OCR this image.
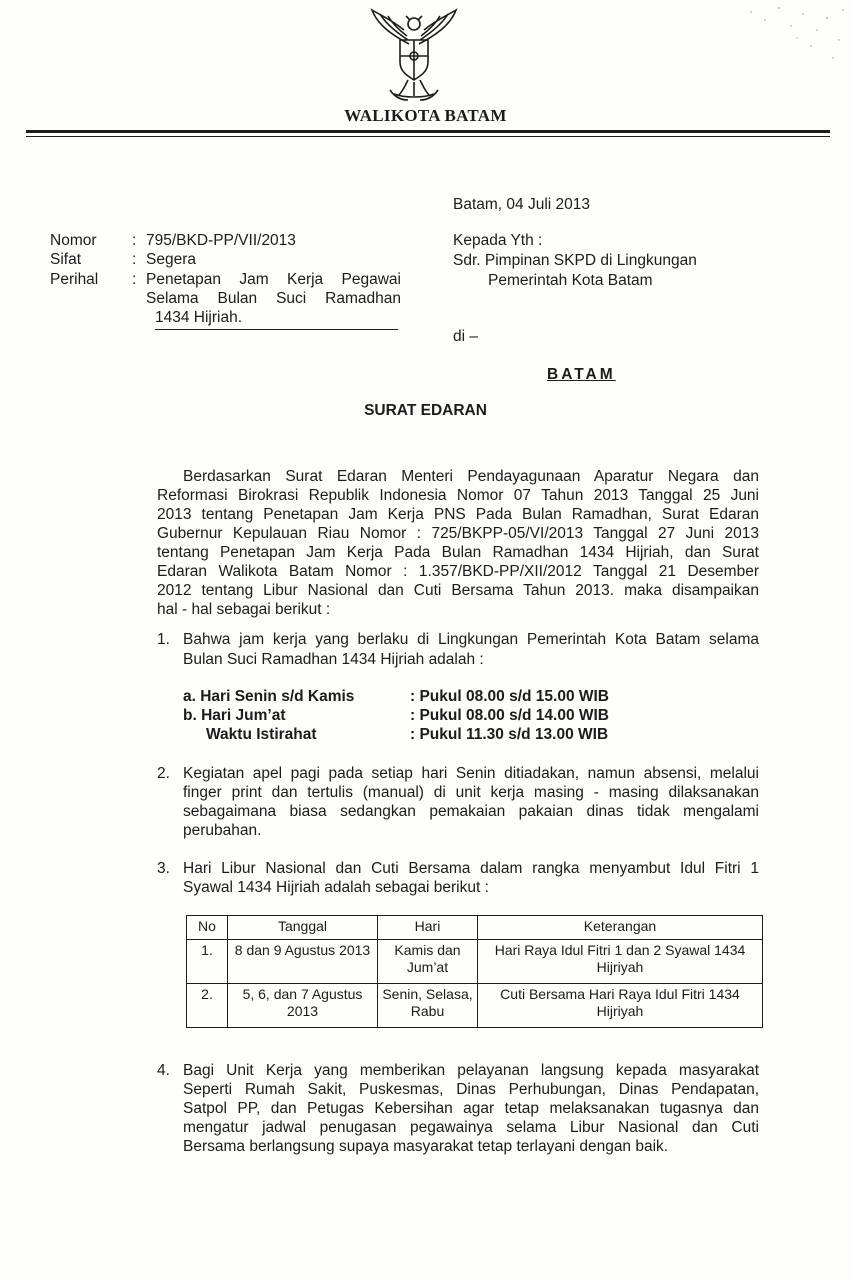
WALIKOTA BATAM
Batam, 04 Juli 2013
Nomor : 795/BKD-PP/VII/2013
Sifat	: Segera
Perihal : Penetapan Jam Kerja Pegawai
Selama Bulan Suci Ramadhan
1434 Hijriah.
Kepada Yth :
Sdr. Pimpinan SKPD di Lingkungan
Pemerintah Kota Batam
di –
BATAM
SURAT EDARAN
Berdasarkan Surat Edaran Menteri Pendayagunaan Aparatur Negara dan
Reformasi Birokrasi Republik Indonesia Nomor 07 Tahun 2013 Tanggal 25 Juni
2013 tentang Penetapan Jam Kerja PNS Pada Bulan Ramadhan, Surat Edaran
Gubernur Kepulauan Riau Nomor : 725/BKPP-05/VI/2013 Tanggal 27 Juni 2013
tentang Penetapan Jam Kerja Pada Bulan Ramadhan 1434 Hijriah, dan Surat
Edaran Walikota Batam Nomor : 1.357/BKD-PP/XII/2012 Tanggal 21 Desember
2012 tentang Libur Nasional dan Cuti Bersama Tahun 2013. maka disampaikan
hal - hal sebagai berikut :
1. Bahwa jam kerja yang berlaku di Lingkungan Pemerintah Kota Batam selama
Bulan Suci Ramadhan 1434 Hijriah adalah :
a. Hari Senin s/d Kamis	: Pukul 08.00 s/d 15.00 WIB
b. Hari Jum’at	: Pukul 08.00 s/d 14.00 WIB
Waktu Istirahat	: Pukul 11.30 s/d 13.00 WIB
2. Kegiatan apel pagi pada setiap hari Senin ditiadakan, namun absensi, melalui
finger print dan tertulis (manual) di unit kerja masing - masing dilaksanakan
sebagaimana biasa sedangkan pemakaian pakaian dinas tidak mengalami
perubahan.
3. Hari Libur Nasional dan Cuti Bersama dalam rangka menyambut Idul Fitri 1
Syawal 1434 Hijriah adalah sebagai berikut :
No	Tanggal	Hari	Keterangan
1.	8 dan 9 Agustus 2013	Kamis dan Jum’at	Hari Raya Idul Fitri 1 dan 2 Syawal 1434 Hijriyah
2.	5, 6, dan 7 Agustus 2013	Senin, Selasa, Rabu	Cuti Bersama Hari Raya Idul Fitri 1434 Hijriyah
4. Bagi Unit Kerja yang memberikan pelayanan langsung kepada masyarakat
Seperti Rumah Sakit, Puskesmas, Dinas Perhubungan, Dinas Pendapatan,
Satpol PP, dan Petugas Kebersihan agar tetap melaksanakan tugasnya dan
mengatur jadwal penugasan pegawainya selama Libur Nasional dan Cuti
Bersama berlangsung supaya masyarakat tetap terlayani dengan baik.
